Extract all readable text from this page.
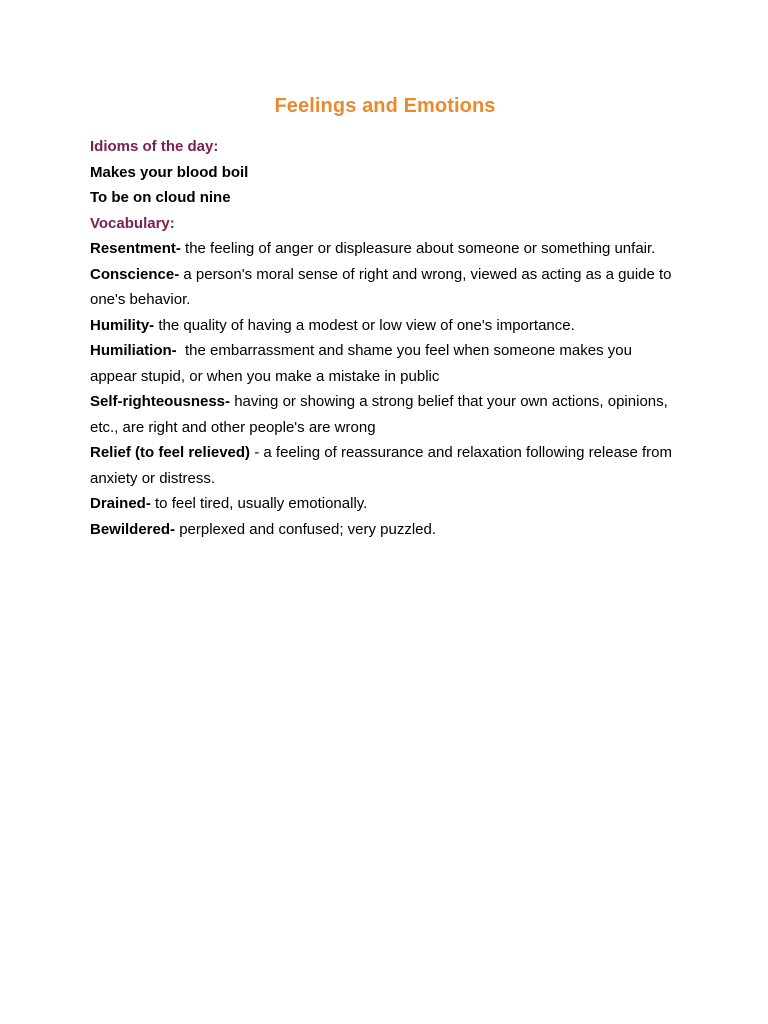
Feelings and Emotions

Idioms of the day:

Makes your blood boil

To be on cloud nine

Vocabulary:

Resentment- the feeling of anger or displeasure about someone or something unfair.

Conscience- a person's moral sense of right and wrong, viewed as acting as a guide to one's behavior.

Humility- the quality of having a modest or low view of one's importance.

Humiliation-  the embarrassment and shame you feel when someone makes you appear stupid, or when you make a mistake in public

Self-righteousness- having or showing a strong belief that your own actions, opinions, etc., are right and other people's are wrong

Relief (to feel relieved) - a feeling of reassurance and relaxation following release from anxiety or distress.

Drained- to feel tired, usually emotionally.

Bewildered- perplexed and confused; very puzzled.
